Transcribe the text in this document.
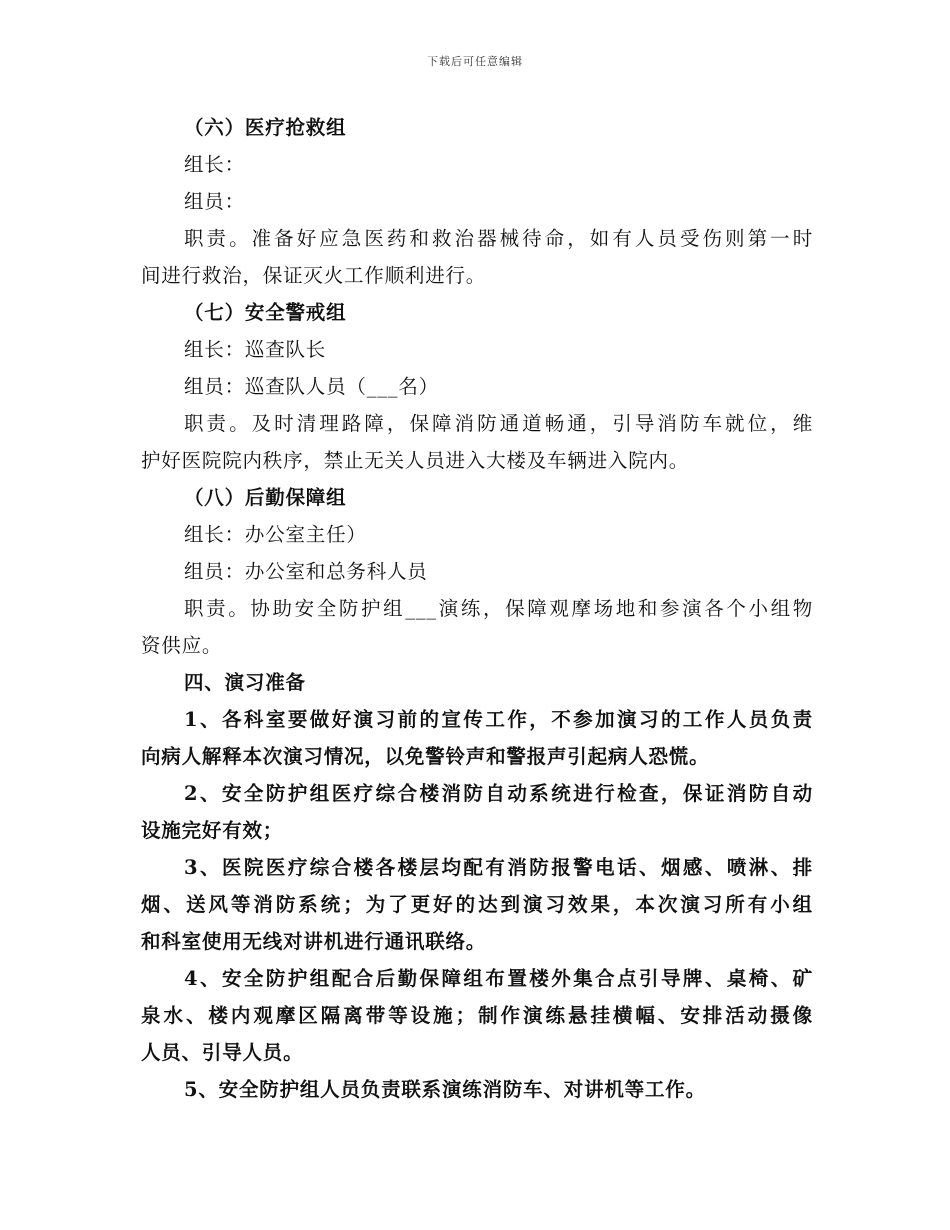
下载后可任意编辑
（六）医疗抢救组
组长：
组员：
职责。准备好应急医药和救治器械待命，如有人员受伤则第一时
间进行救治，保证灭火工作顺利进行。
（七）安全警戒组
组长：巡查队长
组员：巡查队人员（___名）
职责。及时清理路障，保障消防通道畅通，引导消防车就位，维
护好医院院内秩序，禁止无关人员进入大楼及车辆进入院内。
（八）后勤保障组
组长：办公室主任）
组员：办公室和总务科人员
职责。协助安全防护组___演练，保障观摩场地和参演各个小组物
资供应。
四、演习准备
1、各科室要做好演习前的宣传工作，不参加演习的工作人员负责
向病人解释本次演习情况，以免警铃声和警报声引起病人恐慌。
2、安全防护组医疗综合楼消防自动系统进行检查，保证消防自动
设施完好有效；
3、医院医疗综合楼各楼层均配有消防报警电话、烟感、喷淋、排
烟、送风等消防系统；为了更好的达到演习效果，本次演习所有小组
和科室使用无线对讲机进行通讯联络。
4、安全防护组配合后勤保障组布置楼外集合点引导牌、桌椅、矿
泉水、楼内观摩区隔离带等设施；制作演练悬挂横幅、安排活动摄像
人员、引导人员。
5、安全防护组人员负责联系演练消防车、对讲机等工作。
